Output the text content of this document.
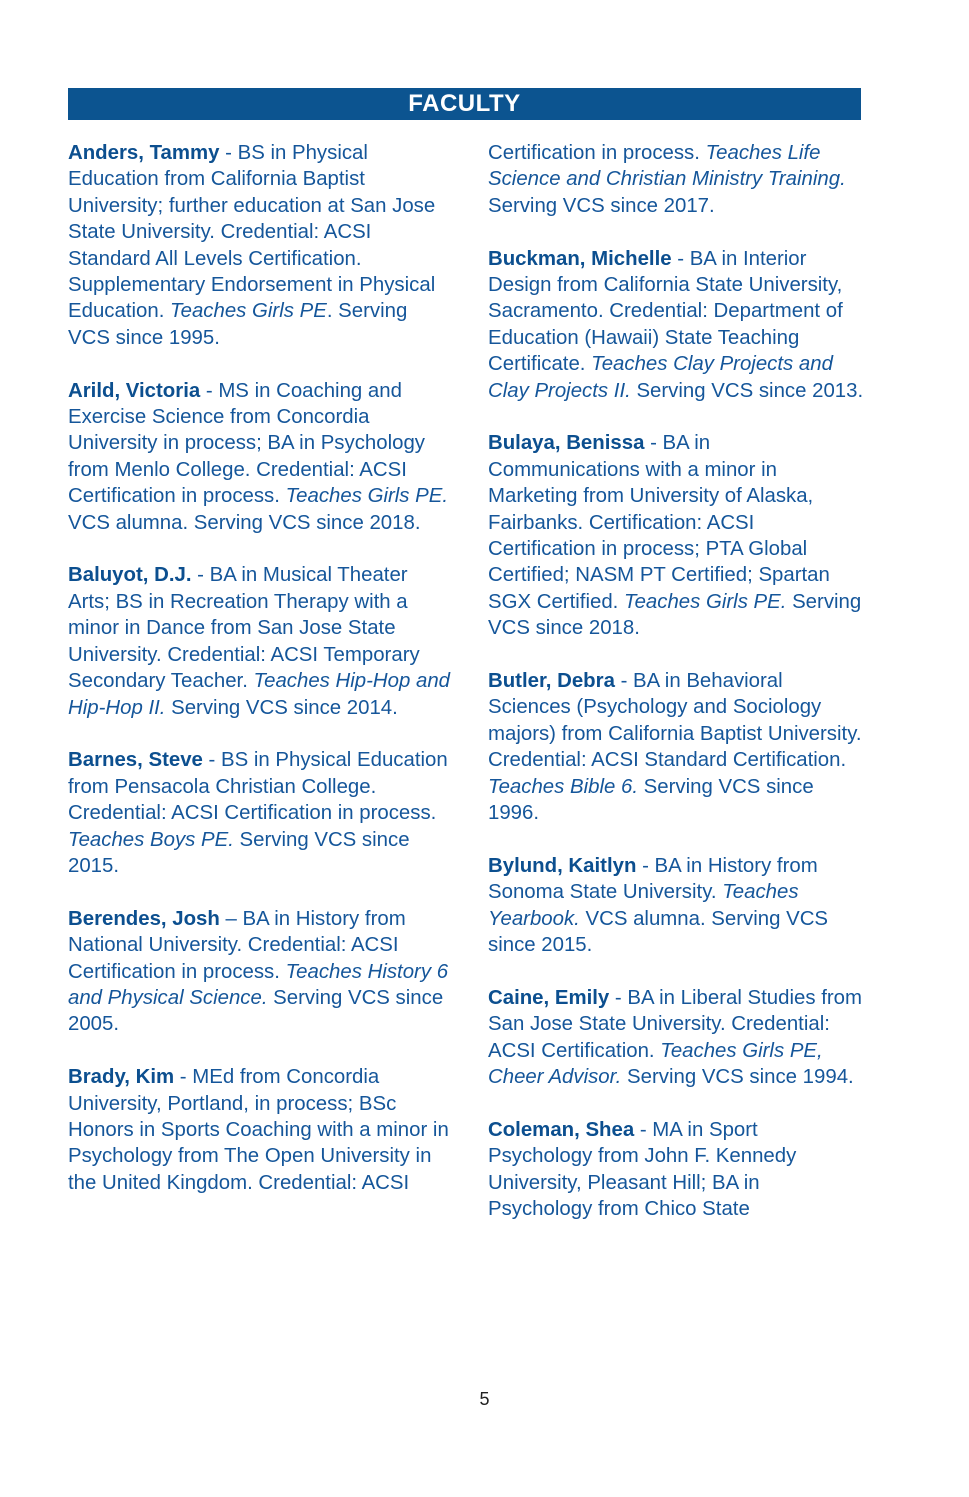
FACULTY

Anders, Tammy - BS in Physical Education from California Baptist University; further education at San Jose State University. Credential: ACSI Standard All Levels Certification. Supplementary Endorsement in Physical Education. Teaches Girls PE. Serving VCS since 1995.

Arild, Victoria - MS in Coaching and Exercise Science from Concordia University in process; BA in Psychology from Menlo College. Credential: ACSI Certification in process. Teaches Girls PE. VCS alumna. Serving VCS since 2018.

Baluyot, D.J. - BA in Musical Theater Arts; BS in Recreation Therapy with a minor in Dance from San Jose State University. Credential: ACSI Temporary Secondary Teacher. Teaches Hip-Hop and Hip-Hop II. Serving VCS since 2014.

Barnes, Steve - BS in Physical Education from Pensacola Christian College. Credential: ACSI Certification in process. Teaches Boys PE. Serving VCS since 2015.

Berendes, Josh – BA in History from National University. Credential: ACSI Certification in process. Teaches History 6 and Physical Science. Serving VCS since 2005.

Brady, Kim - MEd from Concordia University, Portland, in process; BSc Honors in Sports Coaching with a minor in Psychology from The Open University in the United Kingdom. Credential: ACSI

Certification in process. Teaches Life Science and Christian Ministry Training. Serving VCS since 2017.

Buckman, Michelle - BA in Interior Design from California State University, Sacramento. Credential: Department of Education (Hawaii) State Teaching Certificate. Teaches Clay Projects and Clay Projects II. Serving VCS since 2013.

Bulaya, Benissa - BA in Communications with a minor in Marketing from University of Alaska, Fairbanks. Certification: ACSI Certification in process; PTA Global Certified; NASM PT Certified; Spartan SGX Certified. Teaches Girls PE. Serving VCS since 2018.

Butler, Debra - BA in Behavioral Sciences (Psychology and Sociology majors) from California Baptist University. Credential: ACSI Standard Certification. Teaches Bible 6. Serving VCS since 1996.

Bylund, Kaitlyn - BA in History from Sonoma State University. Teaches Yearbook. VCS alumna. Serving VCS since 2015.

Caine, Emily - BA in Liberal Studies from San Jose State University. Credential: ACSI Certification. Teaches Girls PE, Cheer Advisor. Serving VCS since 1994.

Coleman, Shea - MA in Sport Psychology from John F. Kennedy University, Pleasant Hill; BA in Psychology from Chico State

5
